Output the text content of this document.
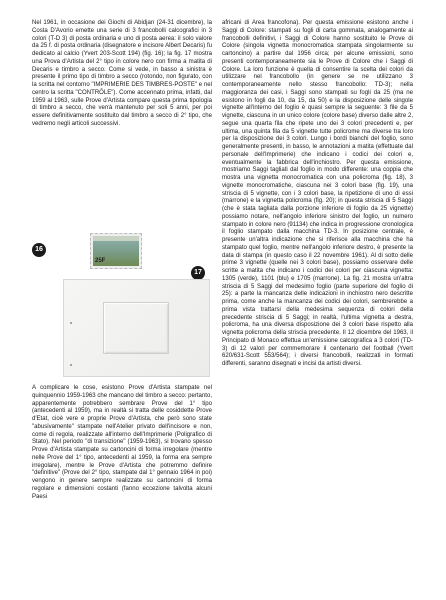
Nel 1961, in occasione dei Giochi di Abidjan (24-31 dicembre), la Costa D'Avorio emette una serie di 3 francobolli calcografici in 3 colori (T-D 3) di posta ordinaria e uno di posta aerea: il solo valore da 25 f. di posta ordinaria (disegnatore e incisore Albert Decaris) fu dedicato al calcio (Yvert 203-Scott 194) (fig. 16); la fig. 17 mostra una Prova d'Artista del 2° tipo in colore nero con firma a matita di Decaris e timbro a secco. Come si vede, in basso a sinistra è presente il primo tipo di timbro a secco (rotondo, non figurato, con la scritta nel contorno "IMPRIMERIE DES TIMBRES-POSTE" e nel centro la scritta "CONTRÔLE"). Come accennato prima, infatti, dal 1959 al 1963, sulle Prove d'Artista compare questa prima tipologia di timbro a secco, che verrà mantenuto per soli 5 anni, per poi essere definitivamente sostituito dal timbro a secco di 2° tipo, che vedremo negli articoli successivi.

16
25F
17

A complicare le cose, esistono Prove d'Artista stampate nel quinquennio 1959-1963 che mancano del timbro a secco: pertanto, apparentemente potrebbero sembrare Prove del 1° tipo (antecedenti al 1959), ma in realtà si tratta delle cosiddette Prove d'Etat, cioè vere e proprie Prove d'Artista, che però sono state "abusivamente" stampate nell'Atelier privato dell'incisore e non, come di regola, realizzate all'interno dell'Imprimerie (Poligrafico di Stato). Nel periodo "di transizione" (1959-1963), si trovano spesso Prove d'Artista stampate su cartoncini di forma irregolare (mentre nelle Prove del 1° tipo, antecedenti al 1959, la forma era sempre irregolare), mentre le Prove d'Artista che potremmo definire "definitive" (Prove del 2° tipo, stampate dal 1° gennaio 1964 in poi) vengono in genere sempre realizzate su cartoncini di forma regolare e dimensioni costanti (fanno eccezione talvolta alcuni Paesi

africani di Area francofona). Per questa emissione esistono anche i Saggi di Colore: stampati su fogli di carta gommata, analogamente ai francobolli definitivi, i Saggi di Colore hanno sostituito le Prove di Colore (singola vignetta monocromatica stampata singolarmente su cartoncino) a partire dal 1956 circa; per alcune emissioni, sono presenti contemporaneamente sia le Prove di Colore che i Saggi di Colore. La loro funzione è quella di consentire la scelta dei colori da utilizzare nel francobollo (in genere se ne utilizzano 3 contemporaneamente nello stesso francobollo: TD-3); nella maggioranza dei casi, i Saggi sono stampati su fogli da 25 (ma ne esistono in fogli da 10, da 15, da 50) e la disposizione delle singole vignette all'interno del foglio è quasi sempre la seguente: 3 file da 5 vignette, ciascuna in un unico colore (colore base) diverso dalle altre 2, segue una quarta fila che ripete uno dei 3 colori precedenti e, per ultima, una quinta fila da 5 vignette tutte policrome ma diverse tra loro per la disposizione dei 3 colori. Lungo i bordi bianchi del foglio, sono generalmente presenti, in basso, le annotazioni a matita (effettuate dal personale dell'Imprimerie) che indicano i codici dei colori e, eventualmente la fabbrica dell'inchiostro. Per questa emissione, mostriamo Saggi tagliati dal foglio in modo differente: una coppia che mostra una vignetta monocromatica con una policroma (fig. 18), 3 vignette monocromatiche, ciascuna nei 3 colori base (fig. 19), una striscia di 5 vignette, con i 3 colori base, la ripetizione di uno di essi (marrone) e la vignetta policroma (fig. 20); in questa striscia di 5 Saggi (che è stata tagliata dalla porzione inferiore di foglio da 25 vignette) possiamo notare, nell'angolo inferiore sinistro del foglio, un numero stampato in colore nero (91134) che indica in progressione cronologica il foglio stampato dalla macchina TD-3. In posizione centrale, è presente un'altra indicazione che si riferisce alla macchina che ha stampato quel foglio, mentre nell'angolo inferiore destro, è presente la data di stampa (in questo caso il 22 novembre 1961). Al di sotto delle prime 3 vignette (quelle nei 3 colori base), possiamo osservare delle scritte a matita che indicano i codici dei colori per ciascuna vignetta: 1305 (verde), 1101 (blu) e 1705 (marrone). La fig. 21 mostra un'altra striscia di 5 Saggi del medesimo foglio (parte superiore del foglio di 25): a parte la mancanza delle indicazioni in inchiostro nero descritte prima, come anche la mancanza dei codici dei colori, sembrerebbe a prima vista trattarsi della medesima sequenza di colori della precedente striscia di 5 Saggi; in realtà, l'ultima vignetta a destra, policroma, ha una diversa disposizione dei 3 colori base rispetto alla vignetta policroma della striscia precedente. Il 12 dicembre del 1963, il Principato di Monaco effettua un'emissione calcografica a 3 colori (TD-3) di 12 valori per commemorare il centenario del football (Yvert 620/631-Scott 553/564); i diversi francobolli, realizzati in formati differenti, saranno disegnati e incisi da artisti diversi.
